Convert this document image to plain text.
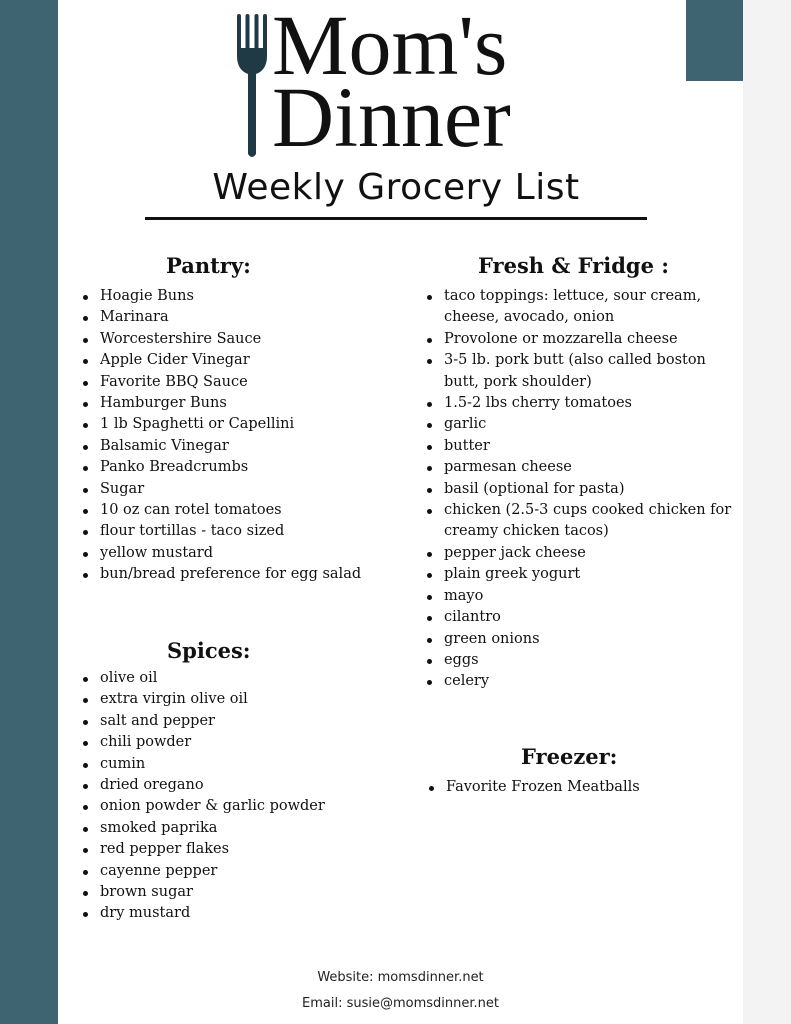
Mom's
Dinner
Weekly Grocery List
Pantry:
Hoagie Buns
Marinara
Worcestershire Sauce
Apple Cider Vinegar
Favorite BBQ Sauce
Hamburger Buns
1 lb Spaghetti or Capellini
Balsamic Vinegar
Panko Breadcrumbs
Sugar
10 oz can rotel tomatoes
flour tortillas - taco sized
yellow mustard
bun/bread preference for egg salad
Spices:
olive oil
extra virgin olive oil
salt and pepper
chili powder
cumin
dried oregano
onion powder & garlic powder
smoked paprika
red pepper flakes
cayenne pepper
brown sugar
dry mustard
Fresh & Fridge :
taco toppings: lettuce, sour cream, cheese, avocado, onion
Provolone or mozzarella cheese
3-5 lb. pork butt (also called boston butt, pork shoulder)
1.5-2 lbs cherry tomatoes
garlic
butter
parmesan cheese
basil (optional for pasta)
chicken (2.5-3 cups cooked chicken for creamy chicken tacos)
pepper jack cheese
plain greek yogurt
mayo
cilantro
green onions
eggs
celery
Freezer:
Favorite Frozen Meatballs
Website: momsdinner.net
Email: susie@momsdinner.net
